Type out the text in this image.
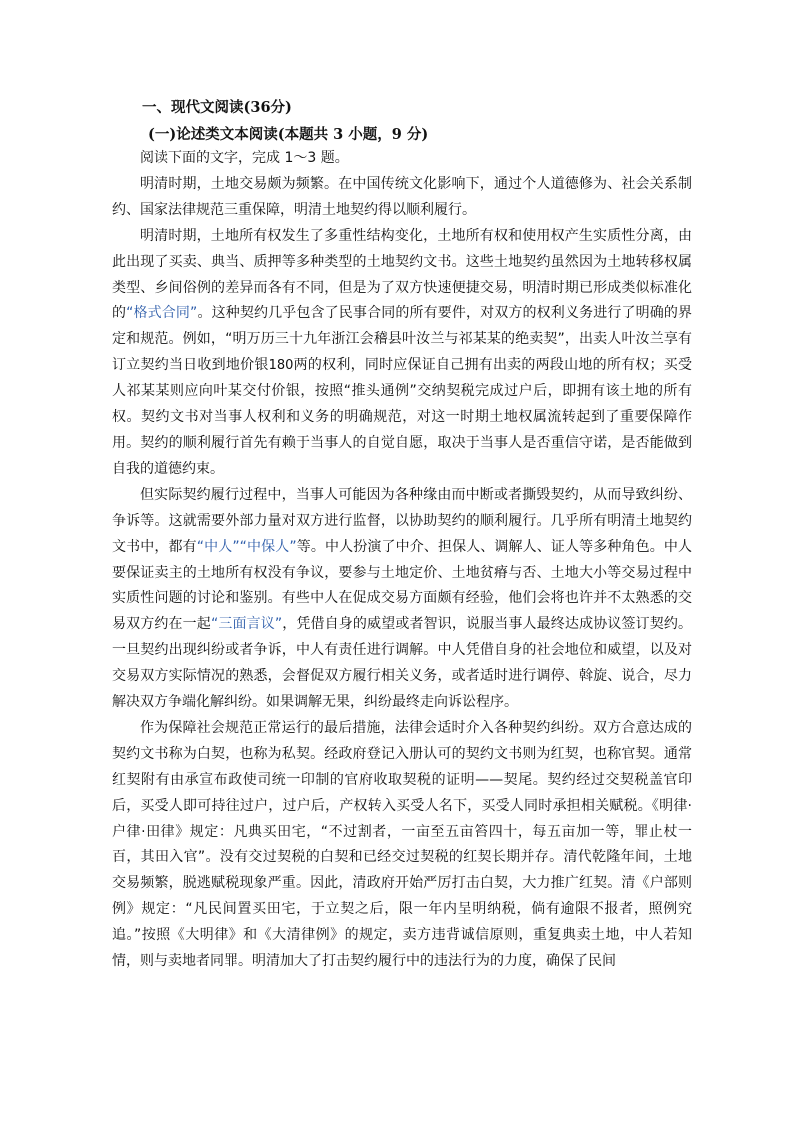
一、现代文阅读(36分)
(一)论述类文本阅读(本题共 3 小题，9 分)

阅读下面的文字，完成 1～3 题。

明清时期，土地交易颇为频繁。在中国传统文化影响下，通过个人道德修为、社会关系制约、国家法律规范三重保障，明清土地契约得以顺利履行。

明清时期，土地所有权发生了多重性结构变化，土地所有权和使用权产生实质性分离，由此出现了买卖、典当、质押等多种类型的土地契约文书。这些土地契约虽然因为土地转移权属类型、乡间俗例的差异而各有不同，但是为了双方快速便捷交易，明清时期已形成类似标准化的“格式合同”。这种契约几乎包含了民事合同的所有要件，对双方的权利义务进行了明确的界定和规范。例如，“明万历三十九年浙江会稽县叶汝兰与祁某某的绝卖契”，出卖人叶汝兰享有订立契约当日收到地价银180两的权利，同时应保证自己拥有出卖的两段山地的所有权；买受人祁某某则应向叶某交付价银，按照“推头通例”交纳契税完成过户后，即拥有该土地的所有权。契约文书对当事人权利和义务的明确规范，对这一时期土地权属流转起到了重要保障作用。契约的顺利履行首先有赖于当事人的自觉自愿，取决于当事人是否重信守诺，是否能做到自我的道德约束。

但实际契约履行过程中，当事人可能因为各种缘由而中断或者撕毁契约，从而导致纠纷、争诉等。这就需要外部力量对双方进行监督，以协助契约的顺利履行。几乎所有明清土地契约文书中，都有“中人”“中保人”等。中人扮演了中介、担保人、调解人、证人等多种角色。中人要保证卖主的土地所有权没有争议，要参与土地定价、土地贫瘠与否、土地大小等交易过程中实质性问题的讨论和鉴别。有些中人在促成交易方面颇有经验，他们会将也许并不太熟悉的交易双方约在一起“三面言议”，凭借自身的威望或者智识，说服当事人最终达成协议签订契约。一旦契约出现纠纷或者争诉，中人有责任进行调解。中人凭借自身的社会地位和威望，以及对交易双方实际情况的熟悉，会督促双方履行相关义务，或者适时进行调停、斡旋、说合，尽力解决双方争端化解纠纷。如果调解无果，纠纷最终走向诉讼程序。

作为保障社会规范正常运行的最后措施，法律会适时介入各种契约纠纷。双方合意达成的契约文书称为白契，也称为私契。经政府登记入册认可的契约文书则为红契，也称官契。通常红契附有由承宣布政使司统一印制的官府收取契税的证明——契尾。契约经过交契税盖官印后，买受人即可持往过户，过户后，产权转入买受人名下，买受人同时承担相关赋税。《明律·户律·田律》规定：凡典买田宅，“不过割者，一亩至五亩笞四十，每五亩加一等，罪止杖一百，其田入官”。没有交过契税的白契和已经交过契税的红契长期并存。清代乾隆年间，土地交易频繁，脱逃赋税现象严重。因此，清政府开始严厉打击白契，大力推广红契。清《户部则例》规定：“凡民间置买田宅，于立契之后，限一年内呈明纳税，倘有逾限不报者，照例究追。”按照《大明律》和《大清律例》的规定，卖方违背诚信原则，重复典卖土地，中人若知情，则与卖地者同罪。明清加大了打击契约履行中的违法行为的力度，确保了民间
